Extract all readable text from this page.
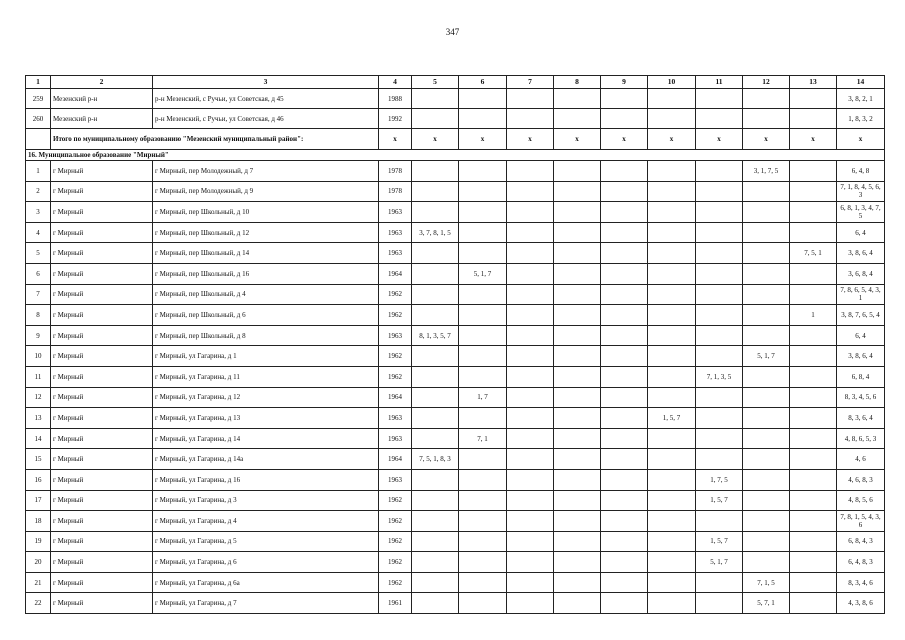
347
1	2	3	4	5	6	7	8	9	10	11	12	13	14
259	Мезенский р-н	р-н Мезенский, с Ручьи, ул Советская, д 45	1988										3, 8, 2, 1
260	Мезенский р-н	р-н Мезенский, с Ручьи, ул Советская, д 46	1992										1, 8, 3, 2
	Итого по муниципальному образованию "Мезенский муниципальный район":		x	x	x	x	x	x	x	x	x	x	x
16. Муниципальное образование "Мирный"													
1	г Мирный	г Мирный, пер Молодежный, д 7	1978								3, 1, 7, 5		6, 4, 8
2	г Мирный	г Мирный, пер Молодежный, д 9	1978										7, 1, 8, 4, 5, 6, 3
3	г Мирный	г Мирный, пер Школьный, д 10	1963										6, 8, 1, 3, 4, 7, 5
4	г Мирный	г Мирный, пер Школьный, д 12	1963	3, 7, 8, 1, 5									6, 4
5	г Мирный	г Мирный, пер Школьный, д 14	1963									7, 5, 1	3, 8, 6, 4
6	г Мирный	г Мирный, пер Школьный, д 16	1964		5, 1, 7								3, 6, 8, 4
7	г Мирный	г Мирный, пер Школьный, д 4	1962										7, 8, 6, 5, 4, 3, 1
8	г Мирный	г Мирный, пер Школьный, д 6	1962									1	3, 8, 7, 6, 5, 4
9	г Мирный	г Мирный, пер Школьный, д 8	1963	8, 1, 3, 5, 7									6, 4
10	г Мирный	г Мирный, ул Гагарина, д 1	1962								5, 1, 7		3, 8, 6, 4
11	г Мирный	г Мирный, ул Гагарина, д 11	1962							7, 1, 3, 5			6, 8, 4
12	г Мирный	г Мирный, ул Гагарина, д 12	1964		1, 7								8, 3, 4, 5, 6
13	г Мирный	г Мирный, ул Гагарина, д 13	1963						1, 5, 7				8, 3, 6, 4
14	г Мирный	г Мирный, ул Гагарина, д 14	1963		7, 1								4, 8, 6, 5, 3
15	г Мирный	г Мирный, ул Гагарина, д 14а	1964	7, 5, 1, 8, 3									4, 6
16	г Мирный	г Мирный, ул Гагарина, д 16	1963							1, 7, 5			4, 6, 8, 3
17	г Мирный	г Мирный, ул Гагарина, д 3	1962							1, 5, 7			4, 8, 5, 6
18	г Мирный	г Мирный, ул Гагарина, д 4	1962										7, 8, 1, 5, 4, 3, 6
19	г Мирный	г Мирный, ул Гагарина, д 5	1962							1, 5, 7			6, 8, 4, 3
20	г Мирный	г Мирный, ул Гагарина, д 6	1962							5, 1, 7			6, 4, 8, 3
21	г Мирный	г Мирный, ул Гагарина, д 6а	1962								7, 1, 5		8, 3, 4, 6
22	г Мирный	г Мирный, ул Гагарина, д 7	1961								5, 7, 1		4, 3, 8, 6
